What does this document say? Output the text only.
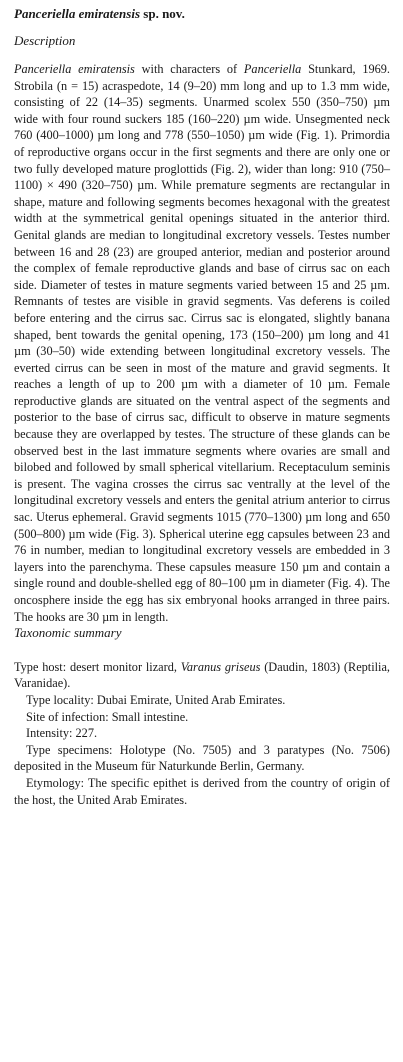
Panceriella emiratensis sp. nov.
Description

Panceriella emiratensis with characters of Panceriella Stunkard, 1969. Strobila (n = 15) acraspedote, 14 (9–20) mm long and up to 1.3 mm wide, consisting of 22 (14–35) segments. Unarmed scolex 550 (350–750) µm wide with four round suckers 185 (160–220) µm wide. Unsegmented neck 760 (400–1000) µm long and 778 (550–1050) µm wide (Fig. 1). Primordia of reproductive organs occur in the first segments and there are only one or two fully developed mature proglottids (Fig. 2), wider than long: 910 (750–1100) × 490 (320–750) µm. While premature segments are rectangular in shape, mature and following segments becomes hexagonal with the greatest width at the symmetrical genital openings situated in the anterior third. Genital glands are median to longitudinal excretory vessels. Testes number between 16 and 28 (23) are grouped anterior, median and posterior around the complex of female reproductive glands and base of cirrus sac on each side. Diameter of testes in mature segments varied between 15 and 25 µm. Remnants of testes are visible in gravid segments. Vas deferens is coiled before entering and the cirrus sac. Cirrus sac is elongated, slightly banana shaped, bent towards the genital opening, 173 (150–200) µm long and 41 µm (30–50) wide extending between longitudinal excretory vessels. The everted cirrus can be seen in most of the mature and gravid segments. It reaches a length of up to 200 µm with a diameter of 10 µm. Female reproductive glands are situated on the ventral aspect of the segments and posterior to the base of cirrus sac, difficult to observe in mature segments because they are overlapped by testes. The structure of these glands can be observed best in the last immature segments where ovaries are small and bilobed and followed by small spherical vitellarium. Receptaculum seminis is present. The vagina crosses the cirrus sac ventrally at the level of the longitudinal excretory vessels and enters the genital atrium anterior to cirrus sac. Uterus ephemeral. Gravid segments 1015 (770–1300) µm long and 650 (500–800) µm wide (Fig. 3). Spherical uterine egg capsules between 23 and 76 in number, median to longitudinal excretory vessels are embedded in 3 layers into the parenchyma. These capsules measure 150 µm and contain a single round and double-shelled egg of 80–100 µm in diameter (Fig. 4). The oncosphere inside the egg has six embryonal hooks arranged in three pairs. The hooks are 30 µm in length.

Taxonomic summary

Type host: desert monitor lizard, Varanus griseus (Daudin, 1803) (Reptilia, Varanidae).

Type locality: Dubai Emirate, United Arab Emirates.

Site of infection: Small intestine.

Intensity: 227.

Type specimens: Holotype (No. 7505) and 3 paratypes (No. 7506) deposited in the Museum für Naturkunde Berlin, Germany.

Etymology: The specific epithet is derived from the country of origin of the host, the United Arab Emirates.
